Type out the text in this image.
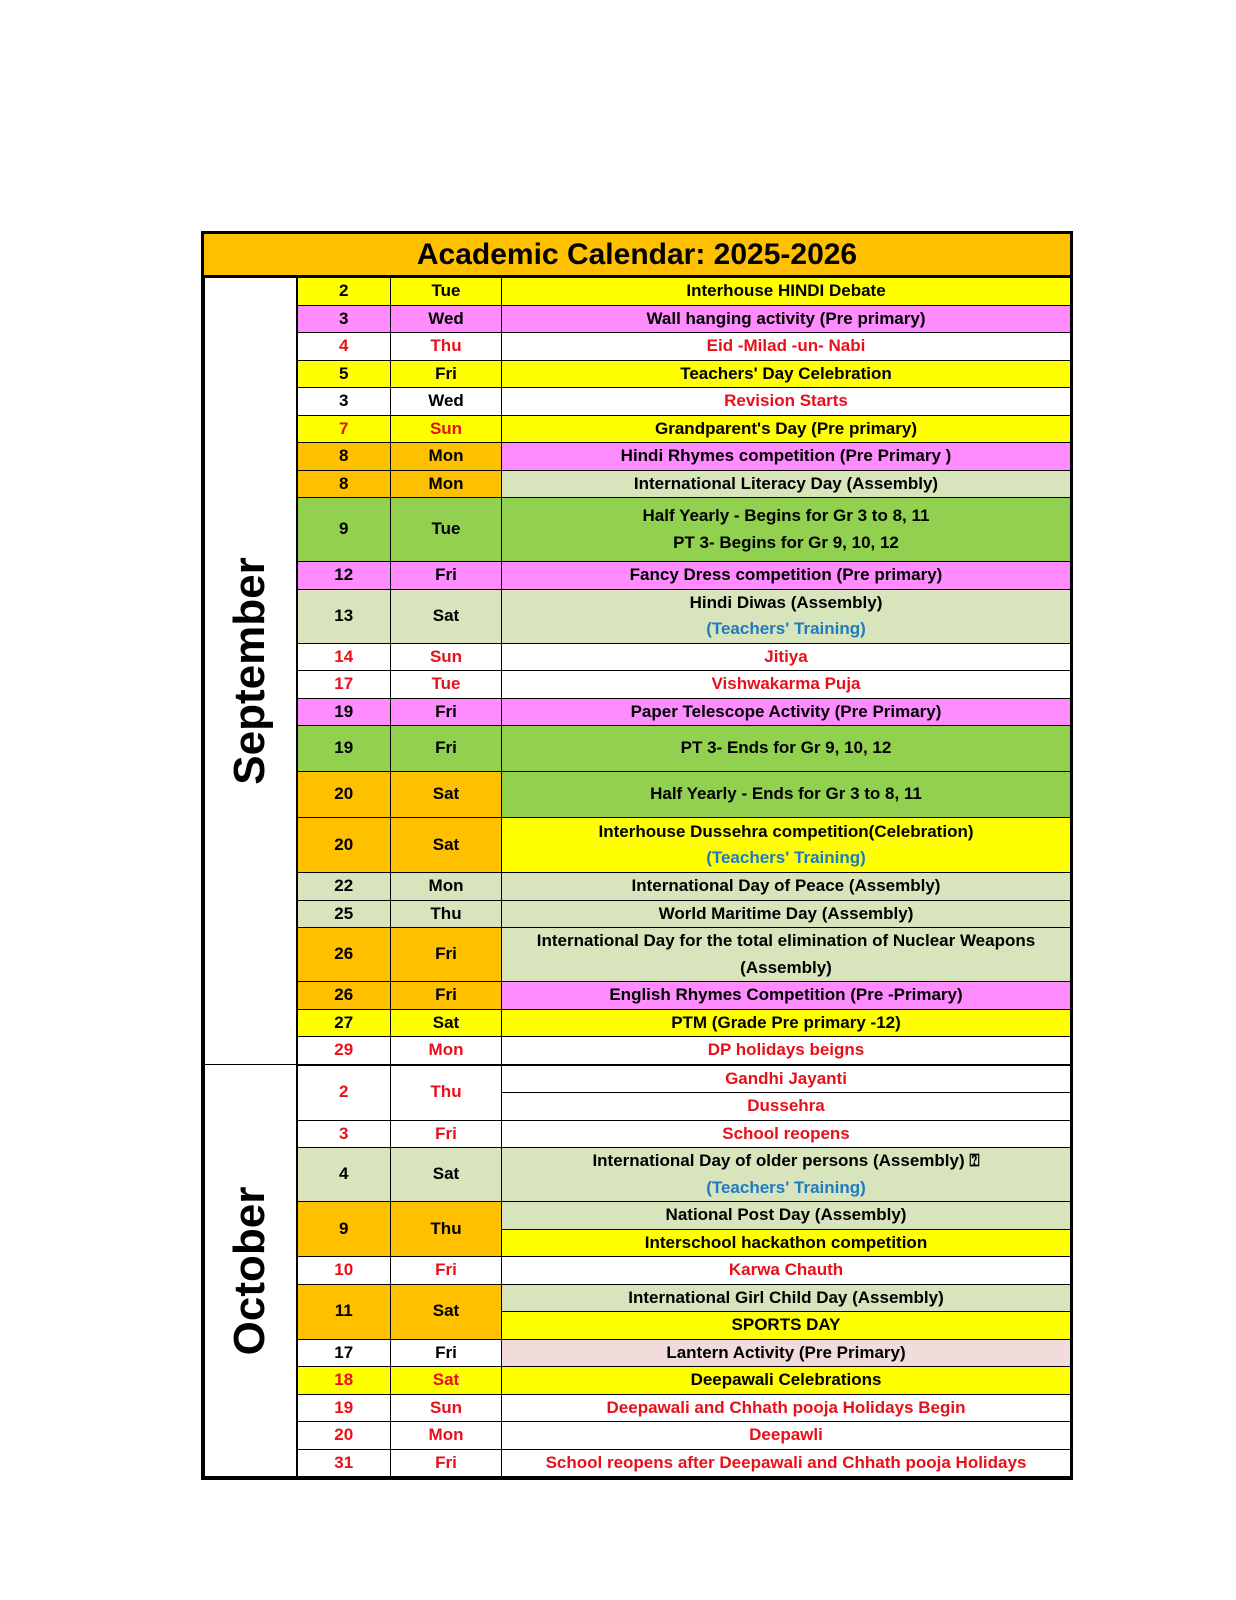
Academic Calendar: 2025-2026
September	2	Tue	Interhouse HINDI Debate

	3	Wed	Wall hanging activity (Pre primary)

	4	Thu	Eid -Milad -un- Nabi

	5	Fri	Teachers' Day Celebration

	3	Wed	Revision Starts

	7	Sun	Grandparent's Day (Pre primary)

	8	Mon	Hindi Rhymes competition (Pre Primary )

	8	Mon	International Literacy Day (Assembly)

	9	Tue	Half Yearly - Begins for Gr 3 to 8, 11
PT 3- Begins for Gr 9, 10, 12

	12	Fri	Fancy Dress competition (Pre primary)

	13	Sat	Hindi Diwas (Assembly)
(Teachers' Training)

	14	Sun	Jitiya

	17	Tue	Vishwakarma Puja

	19	Fri	Paper Telescope Activity (Pre Primary)

	19	Fri	PT 3- Ends for Gr 9, 10, 12

	20	Sat	Half Yearly - Ends for Gr 3 to 8, 11

	20	Sat	Interhouse Dussehra competition(Celebration)
(Teachers' Training)

	22	Mon	International Day of Peace (Assembly)

	25	Thu	World Maritime Day (Assembly)

	26	Fri	International Day for the total elimination of Nuclear Weapons
(Assembly)

	26	Fri	English Rhymes Competition (Pre -Primary)

	27	Sat	PTM (Grade Pre primary -12)

	29	Mon	DP holidays beigns

October	2	Thu	Gandhi Jayanti

			Dussehra

	3	Fri	School reopens

	4	Sat	International Day of older persons (Assembly) ⍰
(Teachers' Training)

	9	Thu	National Post Day (Assembly)

			Interschool hackathon competition

	10	Fri	Karwa Chauth

	11	Sat	International Girl Child Day (Assembly)

			SPORTS DAY

	17	Fri	Lantern Activity (Pre Primary)

	18	Sat	Deepawali Celebrations

	19	Sun	Deepawali and Chhath pooja Holidays Begin

	20	Mon	Deepawli

	31	Fri	School reopens after Deepawali and Chhath pooja Holidays
